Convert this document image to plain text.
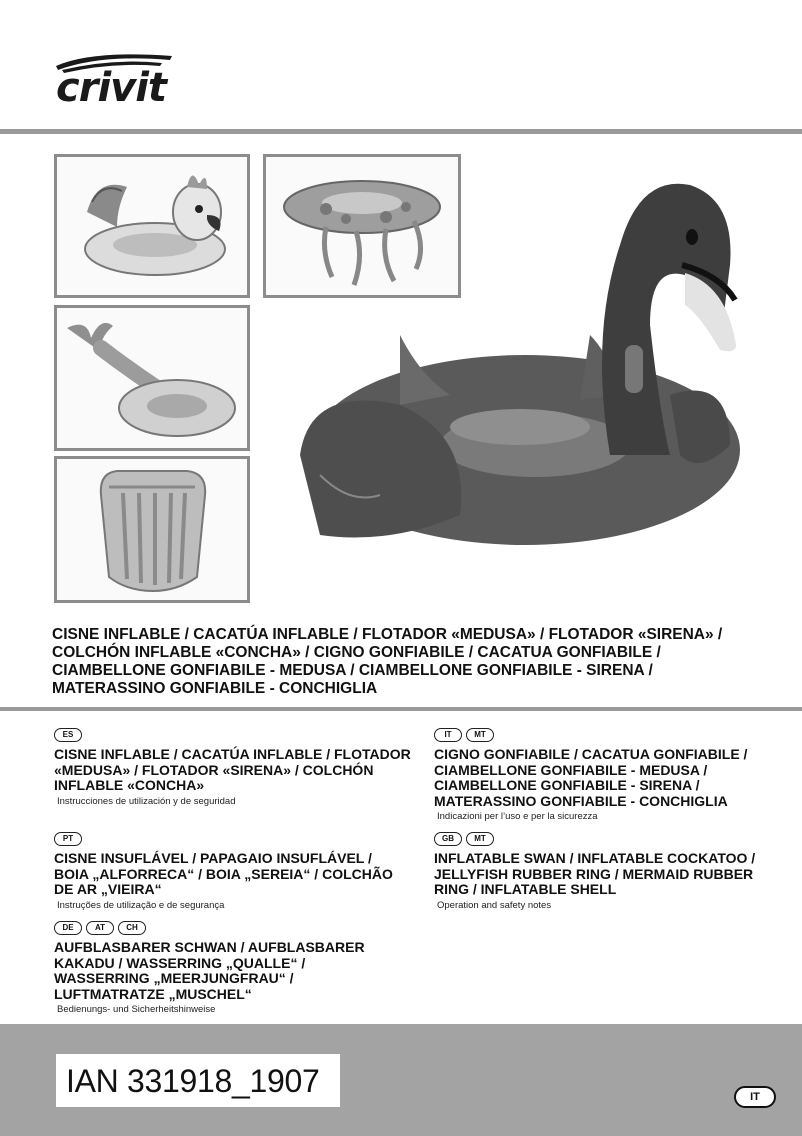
crivit
CISNE INFLABLE / CACATÚA INFLABLE / FLOTADOR «MEDUSA» / FLOTADOR «SIRENA» /
COLCHÓN INFLABLE «CONCHA» / CIGNO GONFIABILE / CACATUA GONFIABILE /
CIAMBELLONE GONFIABILE - MEDUSA / CIAMBELLONE GONFIABILE - SIRENA /
MATERASSINO GONFIABILE - CONCHIGLIA
ES
CISNE INFLABLE / CACATÚA INFLABLE / FLOTADOR
«MEDUSA» / FLOTADOR «SIRENA» / COLCHÓN
INFLABLE «CONCHA»
Instrucciones de utilización y de seguridad
IT	MT
CIGNO GONFIABILE / CACATUA GONFIABILE /
CIAMBELLONE GONFIABILE - MEDUSA /
CIAMBELLONE GONFIABILE - SIRENA /
MATERASSINO GONFIABILE - CONCHIGLIA
Indicazioni per l’uso e per la sicurezza
PT
CISNE INSUFLÁVEL / PAPAGAIO INSUFLÁVEL /
BOIA „ALFORRECA“ / BOIA „SEREIA“ / COLCHÃO
DE AR „VIEIRA“
Instruções de utilização e de segurança
GB	MT
INFLATABLE SWAN / INFLATABLE COCKATOO /
JELLYFISH RUBBER RING / MERMAID RUBBER
RING / INFLATABLE SHELL
Operation and safety notes
DE	AT	CH
AUFBLASBARER SCHWAN / AUFBLASBARER
KAKADU / WASSERRING „QUALLE“ /
WASSERRING „MEERJUNGFRAU“ /
LUFTMATRATZE „MUSCHEL“
Bedienungs- und Sicherheitshinweise
IAN 331918_1907	IT
